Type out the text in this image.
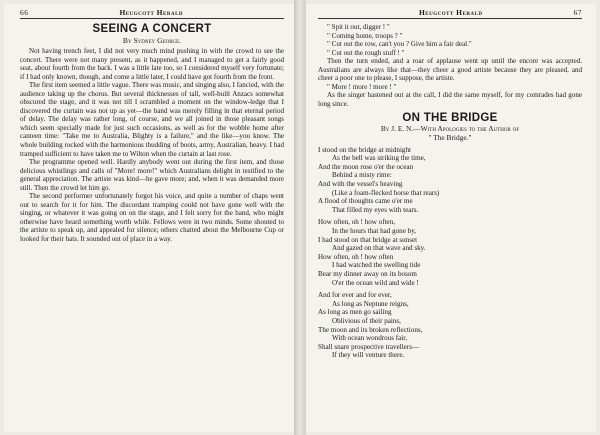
66	Heugcott Herald
SEEING A CONCERT
By Sydney George.

Not having trench feet, I did not very much mind pushing in with the crowd to see the concert. There were not many present, as it happened, and I managed to get a fairly good seat, about fourth from the back. I was a little late too, so I considered myself very fortunate; if I had only known, though, and come a little later, I could have got fourth from the front.

The first item seemed a little vague. There was music, and singing also, I fancied, with the audience taking up the chorus. But several thicknesses of tall, well-built Anzacs somewhat obscured the stage, and it was not till I scrambled a moment on the window-ledge that I discovered the curtain was not up as yet—the band was merely filling in that eternal period of delay. The delay was rather long, of course, and we all joined in those pleasant songs which seem specially made for just such occasions, as well as for the wobble home after canteen time: "Take me to Australia, Blighty is a failure," and the like—you know. The whole building rocked with the harmonious thudding of boots, army, Australian, heavy. I had tramped sufficient to have taken me to Wilton when the curtain at last rose.

The programme opened well. Hardly anybody went out during the first item, and those delicious whistlings and calls of "More! more!" which Australians delight in testified to the general appreciation. The artiste was kind—he gave more; and, when it was demanded more still. Then the crowd let him go.

The second performer unfortunately forgot his voice, and quite a number of chaps went out to search for it for him. The discordant tramping could not have gone well with the singing, or whatever it was going on on the stage, and I felt sorry for the band, who might otherwise have heard something worth while. Fellows were in two minds. Some shouted to the artiste to speak up, and appealed for silence; others chatted about the Melbourne Cup or looked for their hats. It sounded out of place in a way.

Heugcott Herald	67

" Spit it out, digger ! "

" Coming home, troops ? "

" Cut out the row, can't you ? Give him a fair deal."

" Cut out the rough stuff ! "

Then the turn ended, and a roar of applause went up until the encore was accepted. Australians are always like that—they cheer a good artiste because they are pleased, and cheer a poor one to please, I suppose, the artiste.

" More ! more ! more ! "

As the singer hastened out at the call, I did the same myself, for my comrades had gone long since.

ON THE BRIDGE
By J. E. N.—With Apologies to the Author of
" The Bridge."
I stood on the bridge at midnight
As the bell was striking the time,
And the moon rose o'er the ocean
Behind a misty rime:
And with the vessel's heaving
(Like a foam-flecked horse that rears)
A flood of thoughts came o'er me
That filled my eyes with tears.
How often, oh ! how often,
In the hours that had gone by,
I had stood on that bridge at sunset
And gazed on that wave and sky.
How often, oh ! how often
I had watched the swelling tide
Bear my dinner away on its bosom
O'er the ocean wild and wide !
And for ever and for ever,
As long as Neptune reigns,
As long as men go sailing
Oblivious of their pains,
The moon and its broken reflections,
With ocean wondrous fair,
Shall snare prospective travellers—
If they will venture there.
